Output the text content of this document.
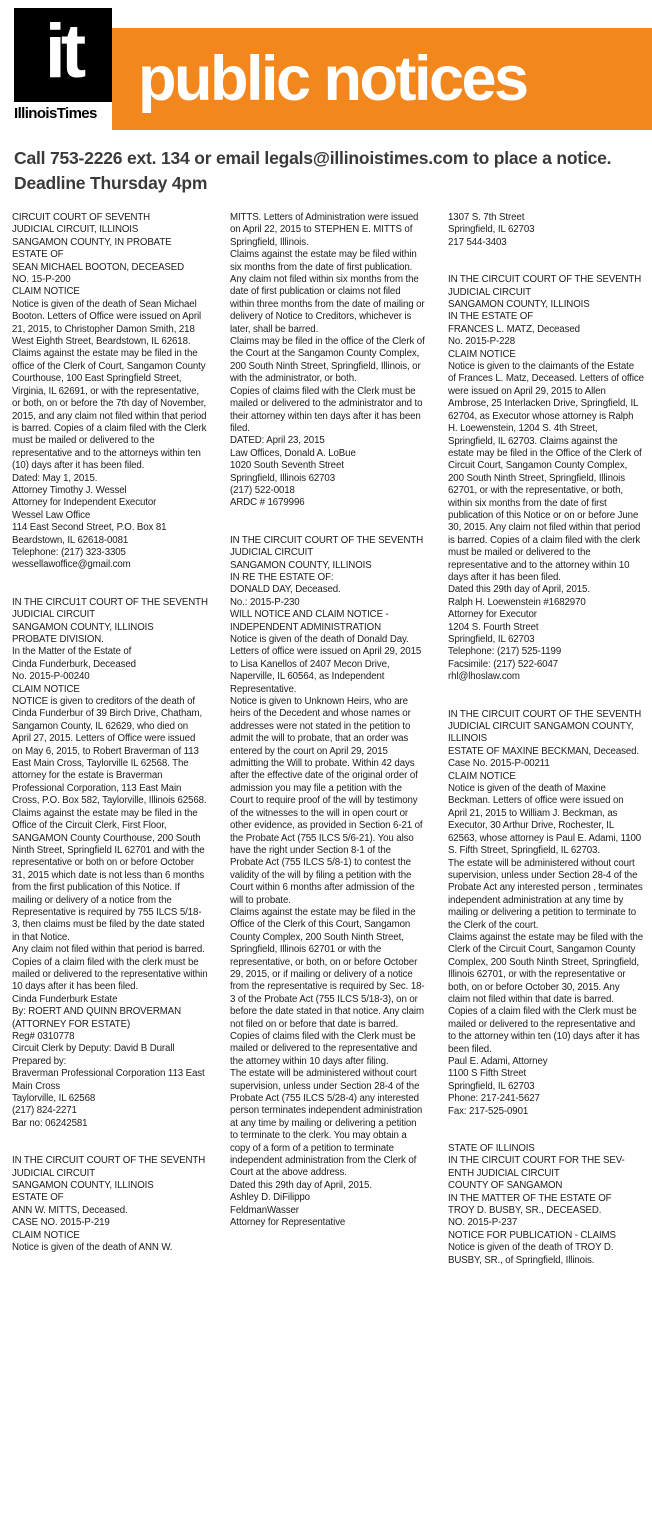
it
IllinoisTimes public notices
Call 753-2226 ext. 134 or email legals@illinoistimes.com to place a notice.
Deadline Thursday 4pm

CIRCUIT COURT OF SEVENTH

JUDICIAL CIRCUIT, ILLINOIS

SANGAMON COUNTY, IN PROBATE

ESTATE OF

SEAN MICHAEL BOOTON, DECEASED

NO. 15-P-200

CLAIM NOTICE

Notice is given of the death of Sean Michael Booton. Letters of Office were issued on April 21, 2015, to Christopher Damon Smith, 218 West Eighth Street, Beardstown, IL 62618.

Claims against the estate may be filed in the office of the Clerk of Court, Sangamon County Courthouse, 100 East Springfield Street, Virginia, IL 62691, or with the representative, or both, on or before the 7th day of November, 2015, and any claim not filed within that period is barred. Copies of a claim filed with the Clerk must be mailed or delivered to the representative and to the attorneys within ten (10) days after it has been filed.

Dated: May 1, 2015.

Attorney Timothy J. Wessel

Attorney for Independent Executor

Wessel Law Office

114 East Second Street, P.O. Box 81

Beardstown, IL 62618-0081

Telephone: (217) 323-3305

wessellawoffice@gmail.com

IN THE CIRCU1T COURT OF THE SEVENTH

JUDICIAL CIRCUIT

SANGAMON COUNTY, ILLINOIS

PROBATE DIVISION.

In the Matter of the Estate of

Cinda Funderburk, Deceased

No. 2015-P-00240

CLAIM NOTICE

NOTICE is given to creditors of the death of Cinda Funderbur of 39 Birch Drive, Chatham, Sangamon County, IL 62629, who died on April 27, 2015. Letters of Office were issued on May 6, 2015, to Robert Braverman of 113 East Main Cross, Taylorville IL 62568. The attorney for the estate is Braverman Professional Corporation, 113 East Main Cross, P.O. Box 582, Taylorville, Illinois 62568.

Claims against the estate may be filed in the Office of the Circuit Clerk, First Floor, SANGAMON County Courthouse, 200 South Ninth Street, Springfield IL 62701 and with the representative or both on or before October 31, 2015 which date is not less than 6 months from the first publication of this Notice. If mailing or delivery of a notice from the Representative is required by 755 ILCS 5/18-3, then claims must be filed by the date stated in that Notice.

Any claim not filed within that period is barred. Copies of a claim filed with the clerk must be mailed or delivered to the representative within 10 days after it has been filed.

Cinda Funderburk Estate

By: ROERT AND QUINN BROVERMAN

(ATTORNEY FOR ESTATE)

Reg# 0310778

Circuit Clerk by Deputy: David B Durall

Prepared by:

Braverman Professional Corporation 113 East Main Cross

Taylorville, IL 62568

(217) 824-2271

Bar no: 06242581

IN THE CIRCUIT COURT OF THE SEVENTH

JUDICIAL CIRCUIT

SANGAMON COUNTY, ILLINOIS

ESTATE OF

ANN W. MITTS, Deceased.

CASE NO. 2015-P-219

CLAIM NOTICE

Notice is given of the death of ANN W.

MITTS. Letters of Administration were issued on April 22, 2015 to STEPHEN E. MITTS of Springfield, Illinois.

Claims against the estate may be filed within six months from the date of first publication. Any claim not filed within six months from the date of first publication or claims not filed within three months from the date of mailing or delivery of Notice to Creditors, whichever is later, shall be barred.

Claims may be filed in the office of the Clerk of the Court at the Sangamon County Complex, 200 South Ninth Street, Springfield, Illinois, or with the administrator, or both.

Copies of claims filed with the Clerk must be mailed or delivered to the administrator and to their attorney within ten days after it has been filed.

DATED: April 23, 2015

Law Offices, Donald A. LoBue

1020 South Seventh Street

Springfield, Illinois 62703

(217) 522-0018

ARDC # 1679996

IN THE CIRCUIT COURT OF THE SEVENTH

JUDICIAL CIRCUIT

SANGAMON COUNTY, ILLINOIS

IN RE THE ESTATE OF:

DONALD DAY, Deceased.

No.: 2015-P-230

WILL NOTICE AND CLAIM NOTICE - INDEPENDENT ADMINISTRATION

Notice is given of the death of Donald Day. Letters of office were issued on April 29, 2015 to Lisa Kanellos of 2407 Mecon Drive, Naperville, IL 60564, as Independent Representative.

Notice is given to Unknown Heirs, who are heirs of the Decedent and whose names or addresses were not stated in the petition to admit the will to probate, that an order was entered by the court on April 29, 2015 admitting the Will to probate. Within 42 days after the effective date of the original order of admission you may file a petition with the Court to require proof of the will by testimony of the witnesses to the will in open court or other evidence, as provided in Section 6-21 of the Probate Act (755 ILCS 5/6-21). You also have the right under Section 8-1 of the Probate Act (755 ILCS 5/8-1) to contest the validity of the will by filing a petition with the Court within 6 months after admission of the will to probate.

Claims against the estate may be filed in the Office of the Clerk of this Court, Sangamon County Complex, 200 South Ninth Street, Springfield, Illinois 62701 or with the representative, or both, on or before October 29, 2015, or if mailing or delivery of a notice from the representative is required by Sec. 18-3 of the Probate Act (755 ILCS 5/18-3), on or before the date stated in that notice. Any claim not filed on or before that date is barred. Copies of claims filed with the Clerk must be mailed or delivered to the representative and the attorney within 10 days after filing.

The estate will be administered without court supervision, unless under Section 28-4 of the Probate Act (755 ILCS 5/28-4) any interested person terminates independent administration at any time by mailing or delivering a petition to terminate to the clerk. You may obtain a copy of a form of a petition to terminate independent administration from the Clerk of Court at the above address.

Dated this 29th day of April, 2015.

Ashley D. DiFilippo

FeldmanWasser

Attorney for Representative

1307 S. 7th Street

Springfield, IL 62703

217 544-3403

IN THE CIRCUIT COURT OF THE SEVENTH

JUDICIAL CIRCUIT

SANGAMON COUNTY, ILLINOIS

IN THE ESTATE OF

FRANCES L. MATZ, Deceased

No. 2015-P-228

CLAIM NOTICE

Notice is given to the claimants of the Estate of Frances L. Matz, Deceased. Letters of office were issued on April 29, 2015 to Allen Ambrose, 25 Interlacken Drive, Springfield, IL 62704, as Executor whose attorney is Ralph H. Loewenstein, 1204 S. 4th Street, Springfield, IL 62703. Claims against the estate may be filed in the Office of the Clerk of Circuit Court, Sangamon County Complex, 200 South Ninth Street, Springfield, Illinois 62701, or with the representative, or both, within six months from the date of first publication of this Notice or on or before June 30, 2015. Any claim not filed within that period is barred. Copies of a claim filed with the clerk must be mailed or delivered to the representative and to the attorney within 10 days after it has been filed.

Dated this 29th day of April, 2015.

Ralph H. Loewenstein #1682970

Attorney for Executor

1204 S. Fourth Street

Springfield, IL 62703

Telephone: (217) 525-1199

Facsimile: (217) 522-6047

rhl@lhoslaw.com

IN THE CIRCUIT COURT OF THE SEVENTH

JUDICIAL CIRCUIT SANGAMON COUNTY,

ILLINOIS

ESTATE OF MAXINE BECKMAN, Deceased.

Case No. 2015-P-00211

CLAIM NOTICE

Notice is given of the death of Maxine Beckman. Letters of office were issued on April 21, 2015 to William J. Beckman, as Executor, 30 Arthur Drive, Rochester, IL 62563, whose attorney is Paul E. Adami, 1100 S. Fifth Street, Springfield, IL 62703.

The estate will be administered without court supervision, unless under Section 28-4 of the Probate Act any interested person , terminates independent administration at any time by mailing or delivering a petition to terminate to the Clerk of the court.

Claims against the estate may be filed with the Clerk of the Circuit Court, Sangamon County Complex, 200 South Ninth Street, Springfield, Illinois 62701, or with the representative or both, on or before October 30, 2015. Any claim not filed within that date is barred. Copies of a claim filed with the Clerk must be mailed or delivered to the representative and to the attorney within ten (10) days after it has been filed.

Paul E. Adami, Attorney

1100 S Fifth Street

Springfield, IL 62703

Phone: 217-241-5627

Fax: 217-525-0901

STATE OF ILLINOIS

IN THE CIRCUIT COURT FOR THE SEV-

ENTH JUDICIAL CIRCUIT

COUNTY OF SANGAMON

IN THE MATTER OF THE ESTATE OF

TROY D. BUSBY, SR., DECEASED.

NO. 2015-P-237

NOTICE FOR PUBLICATION - CLAIMS

Notice is given of the death of TROY D. BUSBY, SR., of Springfield, Illinois.
